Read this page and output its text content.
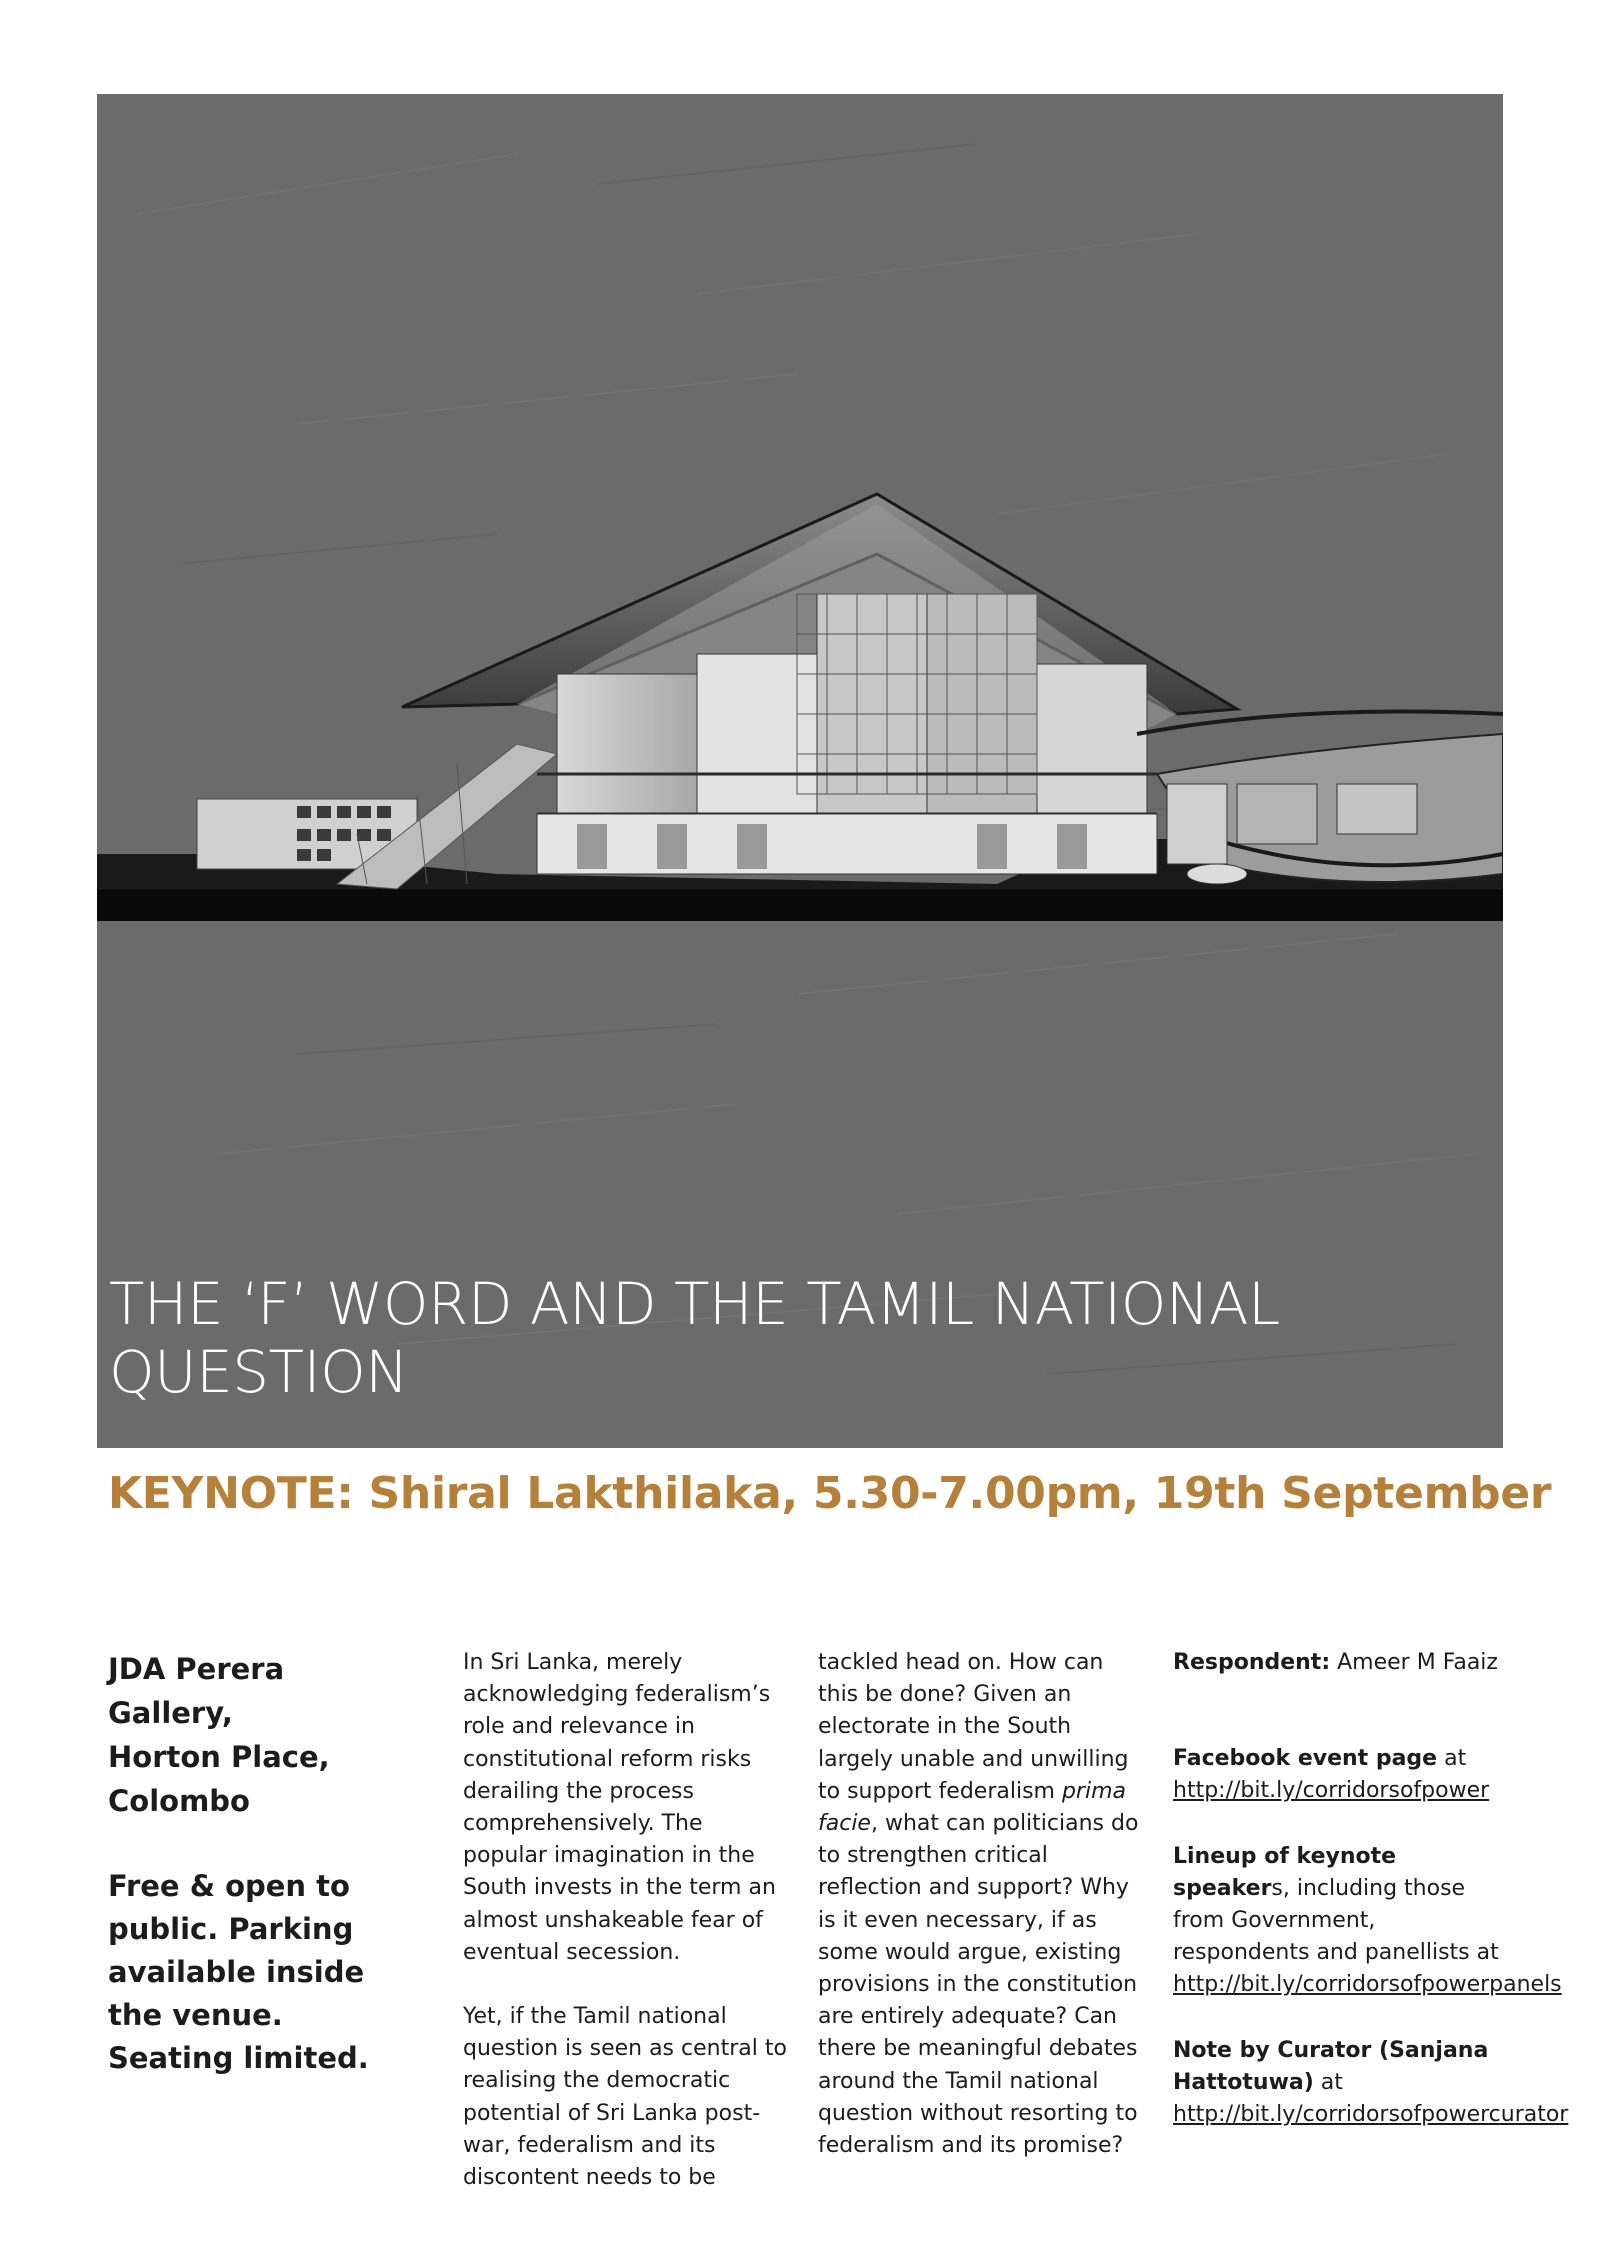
THE ‘F’ WORD AND THE TAMIL NATIONAL QUESTION
KEYNOTE: Shiral Lakthilaka, 5.30-7.00pm, 19th September
JDA Perera Gallery,
Horton Place,
Colombo
Free & open to public. Parking available inside the venue. Seating limited.

In Sri Lanka, merely acknowledging federalism’s role and relevance in constitutional reform risks derailing the process comprehensively. The popular imagination in the South invests in the term an almost unshakeable fear of eventual secession.

Yet, if the Tamil national question is seen as central to realising the democratic potential of Sri Lanka post-war, federalism and its discontent needs to be

tackled head on. How can this be done? Given an electorate in the South largely unable and unwilling to support federalism prima facie, what can politicians do to strengthen critical reflection and support? Why is it even necessary, if as some would argue, existing provisions in the constitution are entirely adequate? Can there be meaningful debates around the Tamil national question without resorting to federalism and its promise?

Respondent: Ameer M Faaiz

Facebook event page at http://bit.ly/corridorsofpower

Lineup of keynote speakers, including those from Government, respondents and panellists at http://bit.ly/corridorsofpowerpanels

Note by Curator (Sanjana Hattotuwa) at http://bit.ly/corridorsofpowercurator
